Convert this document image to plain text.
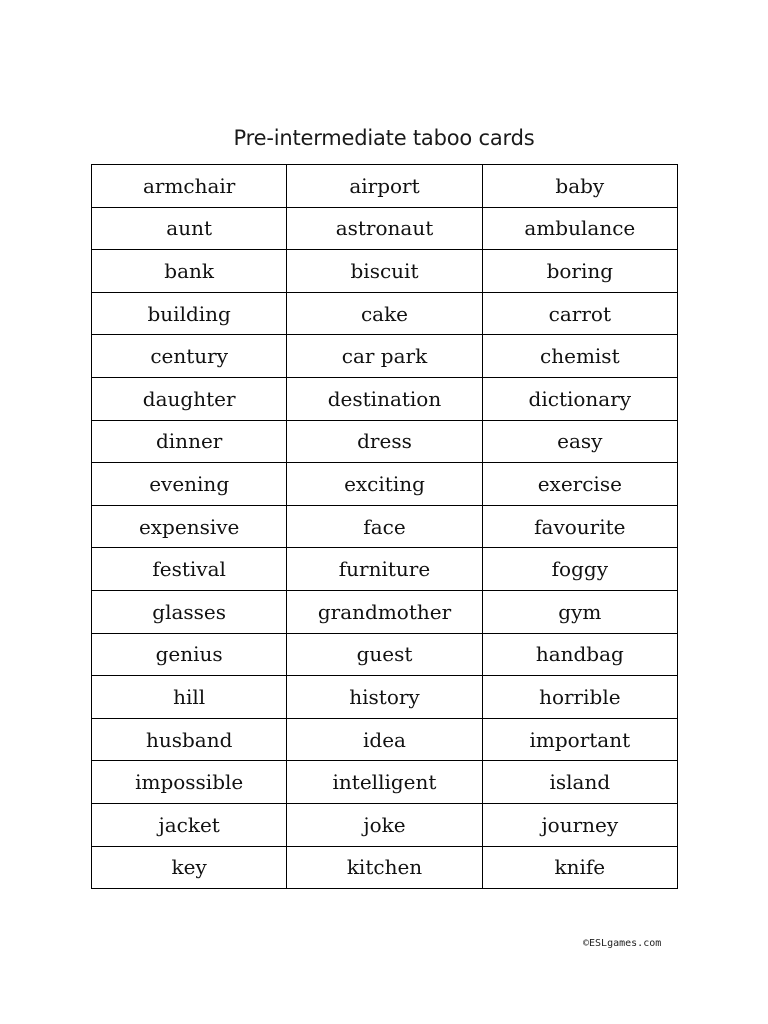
Pre-intermediate taboo cards
armchair	airport	baby
aunt	astronaut	ambulance
bank	biscuit	boring
building	cake	carrot
century	car park	chemist
daughter	destination	dictionary
dinner	dress	easy
evening	exciting	exercise
expensive	face	favourite
festival	furniture	foggy
glasses	grandmother	gym
genius	guest	handbag
hill	history	horrible
husband	idea	important
impossible	intelligent	island
jacket	joke	journey
key	kitchen	knife
©ESLgames.com
